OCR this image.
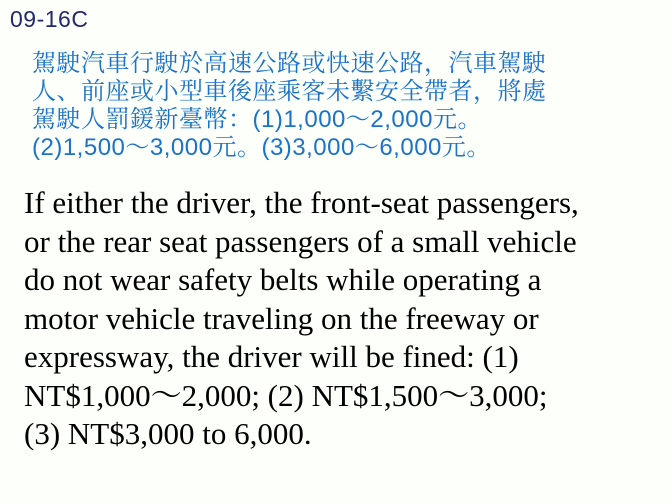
09-16C
駕駛汽車行駛於高速公路或快速公路，汽車駕駛
人、前座或小型車後座乘客未繫安全帶者，將處
駕駛人罰鍰新臺幣：(1)1,000～2,000元。
(2)1,500～3,000元。(3)3,000～6,000元。
If either the driver, the front-seat passengers,
or the rear seat passengers of a small vehicle
do not wear safety belts while operating a
motor vehicle traveling on the freeway or
expressway, the driver will be fined: (1)
NT$1,000～2,000; (2) NT$1,500～3,000;
(3) NT$3,000 to 6,000.
